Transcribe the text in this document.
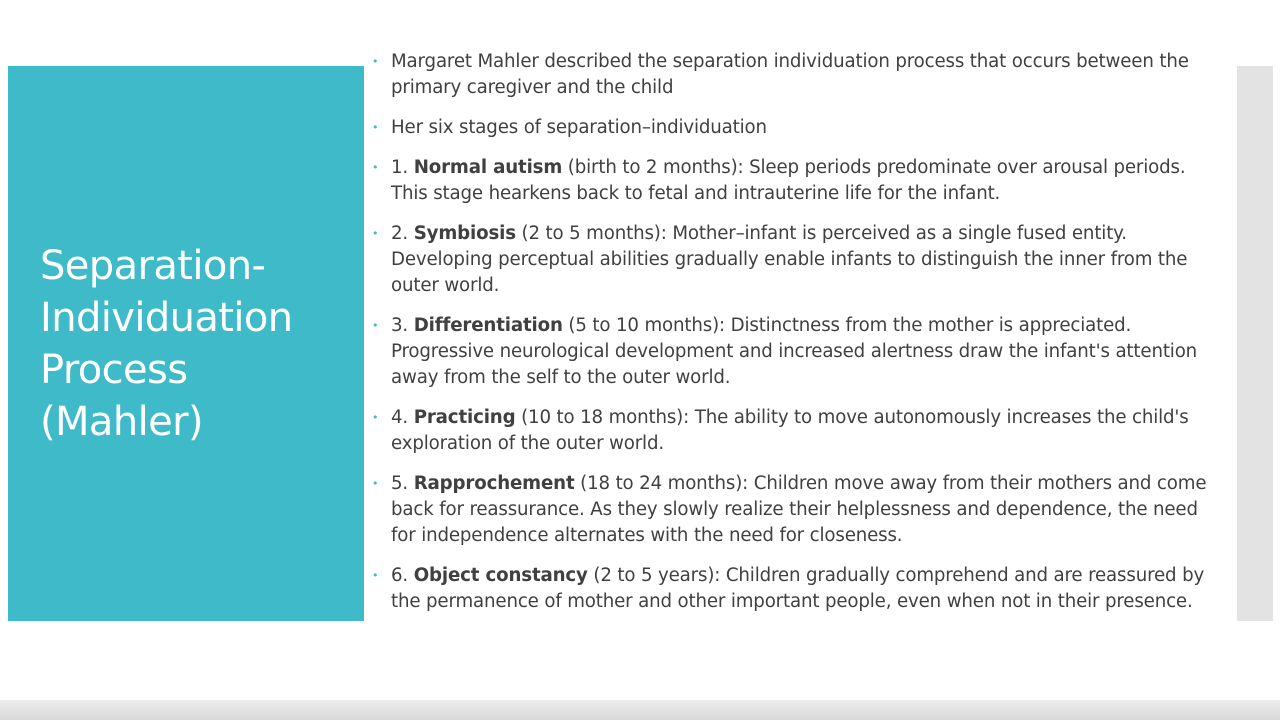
Separation-
Individuation
Process
(Mahler)
• Margaret Mahler described the separation individuation process that occurs between the primary caregiver and the child
• Her six stages of separation–individuation
• 1. Normal autism (birth to 2 months): Sleep periods predominate over arousal periods. This stage hearkens back to fetal and intrauterine life for the infant.
• 2. Symbiosis (2 to 5 months): Mother–infant is perceived as a single fused entity. Developing perceptual abilities gradually enable infants to distinguish the inner from the outer world.
• 3. Differentiation (5 to 10 months): Distinctness from the mother is appreciated. Progressive neurological development and increased alertness draw the infant's attention away from the self to the outer world.
• 4. Practicing (10 to 18 months): The ability to move autonomously increases the child's exploration of the outer world.
• 5. Rapprochement (18 to 24 months): Children move away from their mothers and come back for reassurance. As they slowly realize their helplessness and dependence, the need for independence alternates with the need for closeness.
• 6. Object constancy (2 to 5 years): Children gradually comprehend and are reassured by the permanence of mother and other important people, even when not in their presence.
